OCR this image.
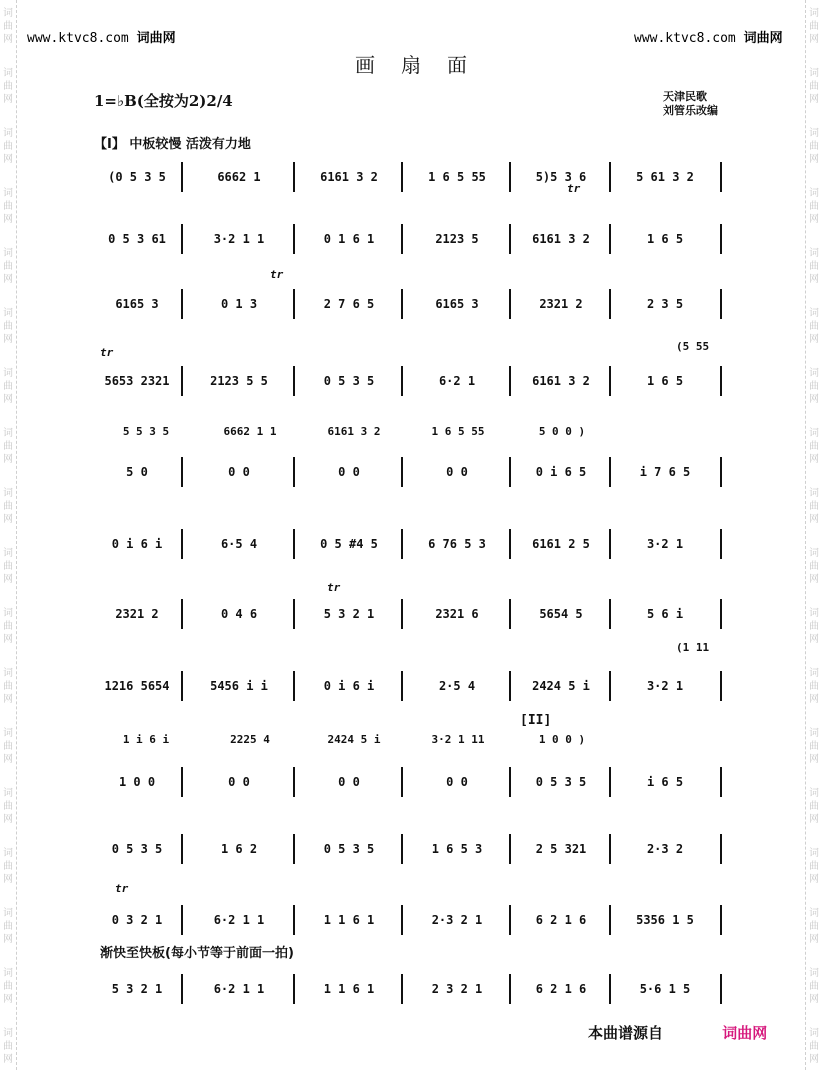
词
曲
网
词
曲
网
词
曲
网
词
曲
网
词
曲
网
词
曲
网
词
曲
网
词
曲
网
词
曲
网
词
曲
网
词
曲
网
词
曲
网
词
曲
网
词
曲
网
词
曲
网
词
曲
网
词
曲
网
词
曲
网
词
曲
网
词
曲
网
词
曲
网
词
曲
网
词
曲
网
词
曲
网
词
曲
网
词
曲
网
词
曲
网
词
曲
网
词
曲
网
词
曲
网
词
曲
网
词
曲
网
词
曲
网
词
曲
网
词
曲
网
词
曲
网
www.ktvc8.com 词曲网	www.ktvc8.com 词曲网
画扇面
1=♭B(全按为2)2/4	天津民歌
刘管乐改编
【I】 中板较慢 活泼有力地
渐快至快板(每小节等于前面一拍)
[II]
(5 55
(1 11
tr
tr
tr
tr
tr
5 5 3 5	6662 1 1	6161 3 2	1 6 5 55	5 0 0 )
1 i 6 i	2225 4	2424 5 i	3·2 1 11	1 0 0 )
(0 5 3 5	6662 1	6161 3 2	1 6 5 55	5)5 3 6	5 61 3 2
0 5 3 61	3·2 1 1	0 1 6 1	2123 5	6161 3 2	1 6 5
6165 3	0 1 3	2 7 6 5	6165 3	2321 2	2 3 5
5653 2321	2123 5 5	0 5 3 5	6·2 1	6161 3 2	1 6 5
5 0	0 0	0 0	0 0	0 i 6 5	i 7 6 5
0 i 6 i	6·5 4	0 5 #4 5	6 76 5 3	6161 2 5	3·2 1
2321 2	0 4 6	5 3 2 1	2321 6	5654 5	5 6 i
1216 5654	5456 i i	0 i 6 i	2·5 4	2424 5 i	3·2 1
1 0 0	0 0	0 0	0 0	0 5 3 5	i 6 5
0 5 3 5	1 6 2	0 5 3 5	1 6 5 3	2 5 321	2·3 2
0 3 2 1	6·2 1 1	1 1 6 1	2·3 2 1	6 2 1 6	5356 1 5
5 3 2 1	6·2 1 1	1 1 6 1	2 3 2 1	6 2 1 6	5·6 1 5
本曲谱源自	词曲网
